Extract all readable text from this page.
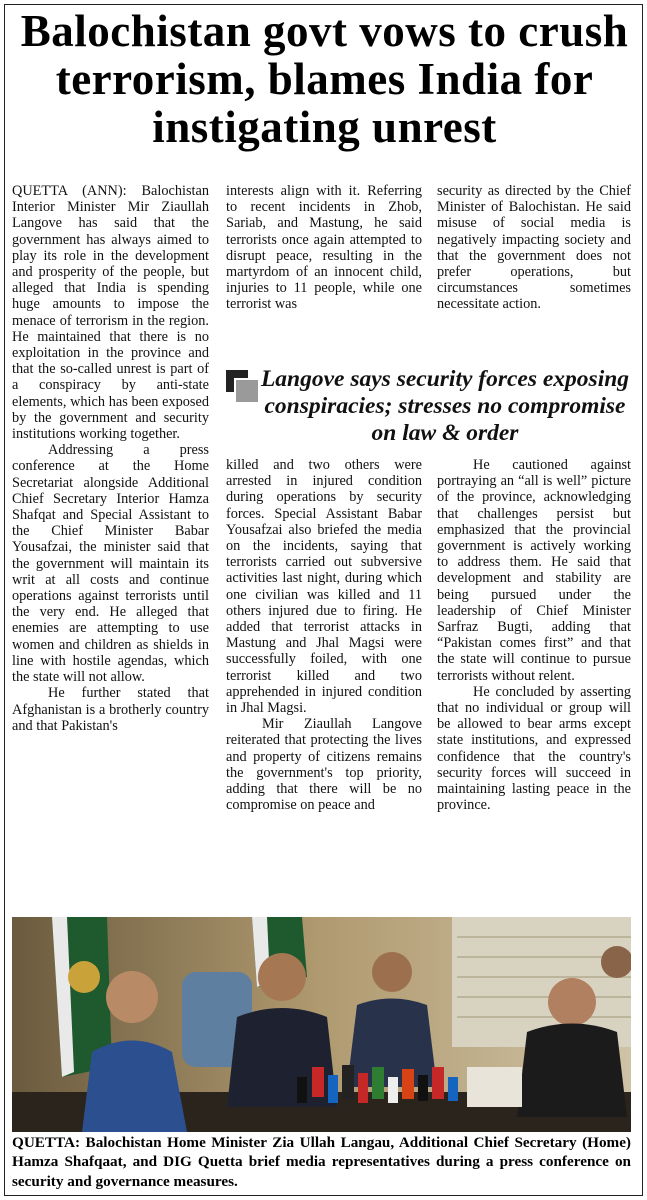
Balochistan govt vows to crush terrorism, blames India for instigating unrest

QUETTA (ANN): Balochistan Interior Minister Mir Ziaullah Langove has said that the government has always aimed to play its role in the development and prosperity of the people, but alleged that India is spending huge amounts to impose the menace of terrorism in the region. He maintained that there is no exploitation in the province and that the so-called unrest is part of a conspiracy by anti-state elements, which has been exposed by the government and security institutions working together.

Addressing a press conference at the Home Secretariat alongside Additional Chief Secretary Interior Hamza Shafqat and Special Assistant to the Chief Minister Babar Yousafzai, the minister said that the government will maintain its writ at all costs and continue operations against terrorists until the very end. He alleged that enemies are attempting to use women and children as shields in line with hostile agendas, which the state will not allow.

He further stated that Afghanistan is a brotherly country and that Pakistan's

interests align with it. Referring to recent incidents in Zhob, Sariab, and Mastung, he said terrorists once again attempted to disrupt peace, resulting in the martyrdom of an innocent child, injuries to 11 people, while one terrorist was

security as directed by the Chief Minister of Balochistan. He said misuse of social media is negatively impacting society and that the government does not prefer operations, but circumstances sometimes necessitate action.

Langove says security forces exposing conspiracies; stresses no compromise on law & order

killed and two others were arrested in injured condition during operations by security forces. Special Assistant Babar Yousafzai also briefed the media on the incidents, saying that terrorists carried out subversive activities last night, during which one civilian was killed and 11 others injured due to firing. He added that terrorist attacks in Mastung and Jhal Magsi were successfully foiled, with one terrorist killed and two apprehended in injured condition in Jhal Magsi.

Mir Ziaullah Langove reiterated that protecting the lives and property of citizens remains the government's top priority, adding that there will be no compromise on peace and

He cautioned against portraying an “all is well” picture of the province, acknowledging that challenges persist but emphasized that the provincial government is actively working to address them. He said that development and stability are being pursued under the leadership of Chief Minister Sarfraz Bugti, adding that “Pakistan comes first” and that the state will continue to pursue terrorists without relent.

He concluded by asserting that no individual or group will be allowed to bear arms except state institutions, and expressed confidence that the country's security forces will succeed in maintaining lasting peace in the province.

QUETTA: Balochistan Home Minister Zia Ullah Langau, Additional Chief Secretary (Home) Hamza Shafqaat, and DIG Quetta brief media representatives during a press conference on security and governance measures.
